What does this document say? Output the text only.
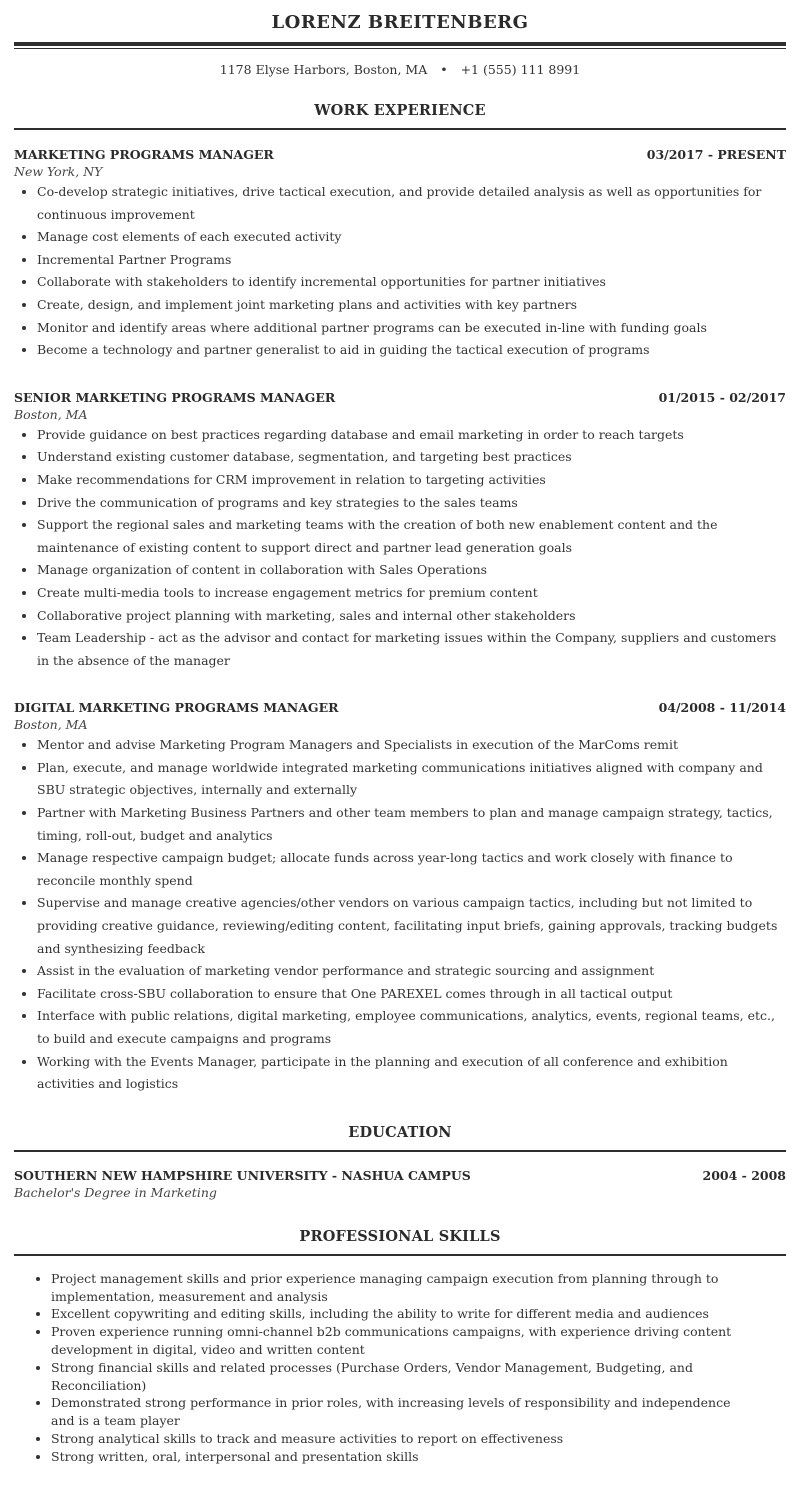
LORENZ BREITENBERG
1178 Elyse Harbors, Boston, MA • +1 (555) 111 8991
WORK EXPERIENCE
MARKETING PROGRAMS MANAGER	03/2017 - PRESENT
New York, NY
• Co-develop strategic initiatives, drive tactical execution, and provide detailed analysis as well as opportunities for continuous improvement
• Manage cost elements of each executed activity
• Incremental Partner Programs
• Collaborate with stakeholders to identify incremental opportunities for partner initiatives
• Create, design, and implement joint marketing plans and activities with key partners
• Monitor and identify areas where additional partner programs can be executed in-line with funding goals
• Become a technology and partner generalist to aid in guiding the tactical execution of programs
SENIOR MARKETING PROGRAMS MANAGER	01/2015 - 02/2017
Boston, MA
• Provide guidance on best practices regarding database and email marketing in order to reach targets
• Understand existing customer database, segmentation, and targeting best practices
• Make recommendations for CRM improvement in relation to targeting activities
• Drive the communication of programs and key strategies to the sales teams
• Support the regional sales and marketing teams with the creation of both new enablement content and the maintenance of existing content to support direct and partner lead generation goals
• Manage organization of content in collaboration with Sales Operations
• Create multi-media tools to increase engagement metrics for premium content
• Collaborative project planning with marketing, sales and internal other stakeholders
• Team Leadership - act as the advisor and contact for marketing issues within the Company, suppliers and customers in the absence of the manager
DIGITAL MARKETING PROGRAMS MANAGER	04/2008 - 11/2014
Boston, MA
• Mentor and advise Marketing Program Managers and Specialists in execution of the MarComs remit
• Plan, execute, and manage worldwide integrated marketing communications initiatives aligned with company and SBU strategic objectives, internally and externally
• Partner with Marketing Business Partners and other team members to plan and manage campaign strategy, tactics, timing, roll-out, budget and analytics
• Manage respective campaign budget; allocate funds across year-long tactics and work closely with finance to reconcile monthly spend
• Supervise and manage creative agencies/other vendors on various campaign tactics, including but not limited to providing creative guidance, reviewing/editing content, facilitating input briefs, gaining approvals, tracking budgets and synthesizing feedback
• Assist in the evaluation of marketing vendor performance and strategic sourcing and assignment
• Facilitate cross-SBU collaboration to ensure that One PAREXEL comes through in all tactical output
• Interface with public relations, digital marketing, employee communications, analytics, events, regional teams, etc., to build and execute campaigns and programs
• Working with the Events Manager, participate in the planning and execution of all conference and exhibition activities and logistics
EDUCATION
SOUTHERN NEW HAMPSHIRE UNIVERSITY - NASHUA CAMPUS	2004 - 2008
Bachelor's Degree in Marketing
PROFESSIONAL SKILLS
• Project management skills and prior experience managing campaign execution from planning through to implementation, measurement and analysis
• Excellent copywriting and editing skills, including the ability to write for different media and audiences
• Proven experience running omni-channel b2b communications campaigns, with experience driving content development in digital, video and written content
• Strong financial skills and related processes (Purchase Orders, Vendor Management, Budgeting, and Reconciliation)
• Demonstrated strong performance in prior roles, with increasing levels of responsibility and independence and is a team player
• Strong analytical skills to track and measure activities to report on effectiveness
• Strong written, oral, interpersonal and presentation skills
